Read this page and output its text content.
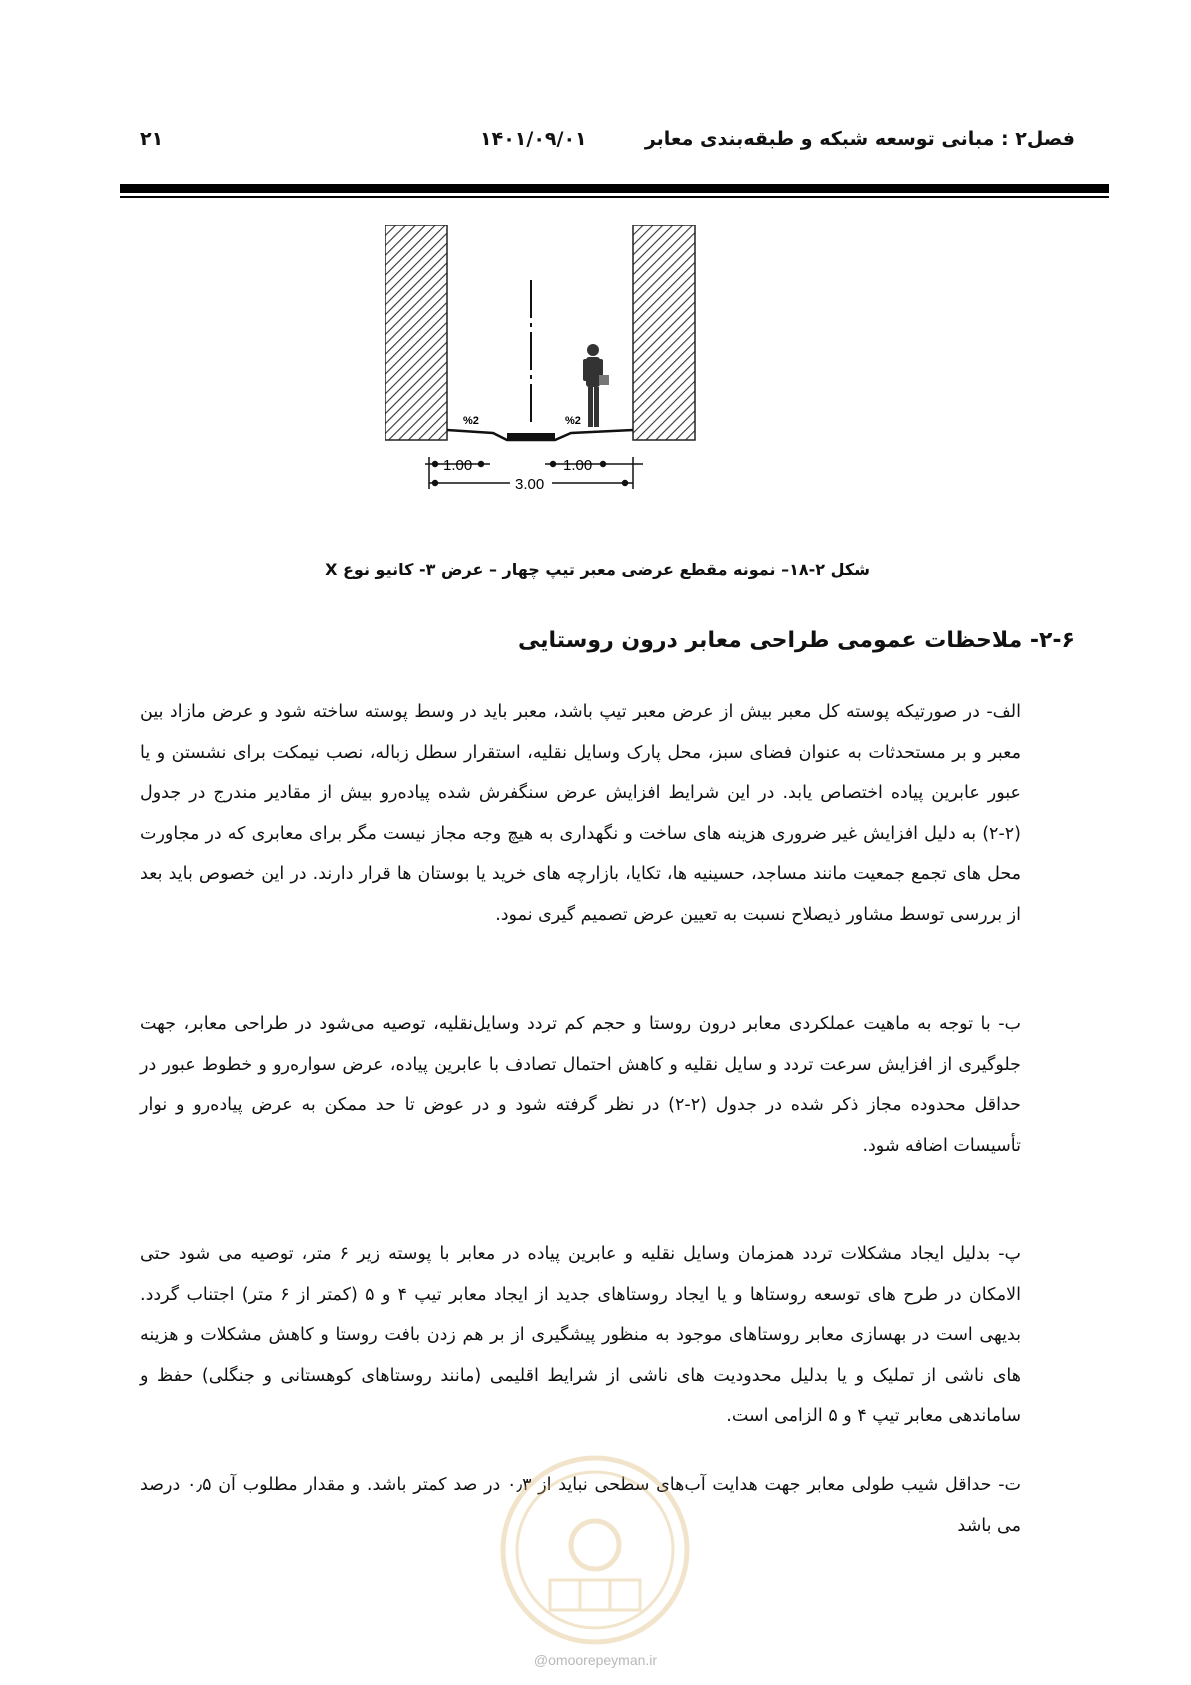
فصل۲ : مبانی توسعه شبکه و طبقه‌بندی معابر
۱۴۰۱/۰۹/۰۱
۲۱
%2	%2
1.00	1.00
3.00
شکل ۲-۱۸– نمونه مقطع عرضی معبر تیپ چهار – عرض ۳- کانیو نوع X
۲-۶- ملاحظات عمومی طراحی معابر درون روستایی

الف- در صورتیکه پوسته کل معبر بیش از عرض معبر تیپ باشد، معبر باید در وسط پوسته ساخته شود و عرض مازاد بین معبر و بر مستحدثات به عنوان فضای سبز، محل پارک وسایل نقلیه، استقرار سطل زباله، نصب نیمکت برای نشستن و یا عبور عابرین پیاده اختصاص یابد. در این شرایط افزایش عرض سنگفرش شده پیاده‌رو بیش از مقادیر مندرج در جدول (۲-۲) به دلیل افزایش غیر ضروری هزینه های ساخت و نگهداری به هیچ وجه مجاز نیست مگر برای معابری که در مجاورت محل های تجمع جمعیت مانند مساجد، حسینیه ها، تکایا، بازارچه های خرید یا بوستان ها قرار دارند. در این خصوص باید بعد از بررسی توسط مشاور ذیصلاح نسبت به تعیین عرض تصمیم گیری نمود.

ب- با توجه به ماهیت عملکردی معابر درون روستا و حجم کم تردد وسایل‌نقلیه، توصیه می‌شود در طراحی معابر، جهت جلوگیری از افزایش سرعت تردد و سایل نقلیه و کاهش احتمال تصادف با عابرین پیاده، عرض سواره‌رو و خطوط عبور در حداقل محدوده مجاز ذکر شده در جدول (۲-۲) در نظر گرفته شود و در عوض تا حد ممکن به عرض پیاده‌رو و نوار تأسیسات اضافه شود.

پ- بدلیل ایجاد مشکلات تردد همزمان وسایل نقلیه و عابرین پیاده در معابر با پوسته زیر ۶ متر، توصیه می شود حتی الامکان در طرح های توسعه روستاها و یا ایجاد روستاهای جدید از ایجاد معابر تیپ ۴ و ۵ (کمتر از ۶ متر) اجتناب گردد. بدیهی است در بهسازی معابر روستاهای موجود به منظور پیشگیری از بر هم زدن بافت روستا و کاهش مشکلات و هزینه های ناشی از تملیک و یا بدلیل محدودیت های ناشی از شرایط اقلیمی (مانند روستاهای کوهستانی و جنگلی) حفظ و ساماندهی معابر تیپ ۴ و ۵ الزامی است.

ت- حداقل شیب طولی معابر جهت هدایت آب‌های سطحی نباید از ۰٫۳ در صد کمتر باشد. و مقدار مطلوب آن ۰٫۵ درصد می باشد

@omoorepeyman.ir
